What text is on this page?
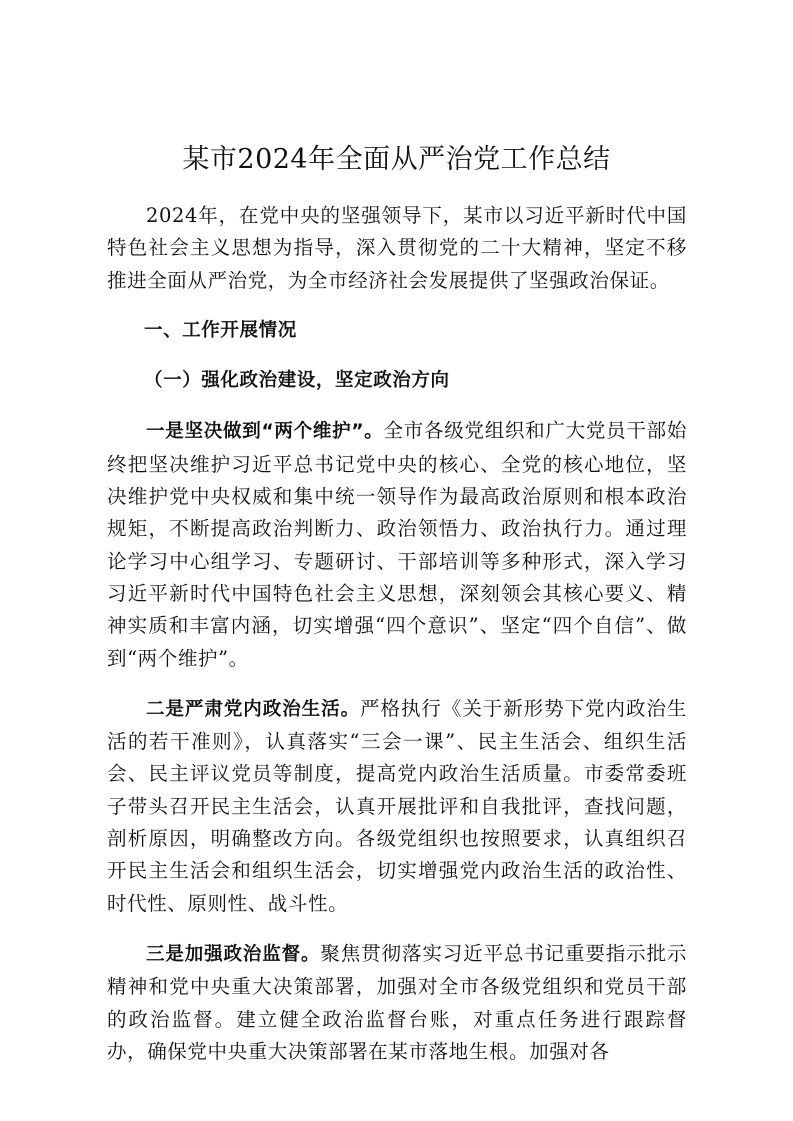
某市2024年全面从严治党工作总结

2024年，在党中央的坚强领导下，某市以习近平新时代中国特色社会主义思想为指导，深入贯彻党的二十大精神，坚定不移推进全面从严治党，为全市经济社会发展提供了坚强政治保证。

一、工作开展情况

（一）强化政治建设，坚定政治方向

一是坚决做到“两个维护”。全市各级党组织和广大党员干部始终把坚决维护习近平总书记党中央的核心、全党的核心地位，坚决维护党中央权威和集中统一领导作为最高政治原则和根本政治规矩，不断提高政治判断力、政治领悟力、政治执行力。通过理论学习中心组学习、专题研讨、干部培训等多种形式，深入学习习近平新时代中国特色社会主义思想，深刻领会其核心要义、精神实质和丰富内涵，切实增强“四个意识”、坚定“四个自信”、做到“两个维护”。

二是严肃党内政治生活。严格执行《关于新形势下党内政治生活的若干准则》，认真落实“三会一课”、民主生活会、组织生活会、民主评议党员等制度，提高党内政治生活质量。市委常委班子带头召开民主生活会，认真开展批评和自我批评，查找问题，剖析原因，明确整改方向。各级党组织也按照要求，认真组织召开民主生活会和组织生活会，切实增强党内政治生活的政治性、时代性、原则性、战斗性。

三是加强政治监督。聚焦贯彻落实习近平总书记重要指示批示精神和党中央重大决策部署，加强对全市各级党组织和党员干部的政治监督。建立健全政治监督台账，对重点任务进行跟踪督办，确保党中央重大决策部署在某市落地生根。加强对各
